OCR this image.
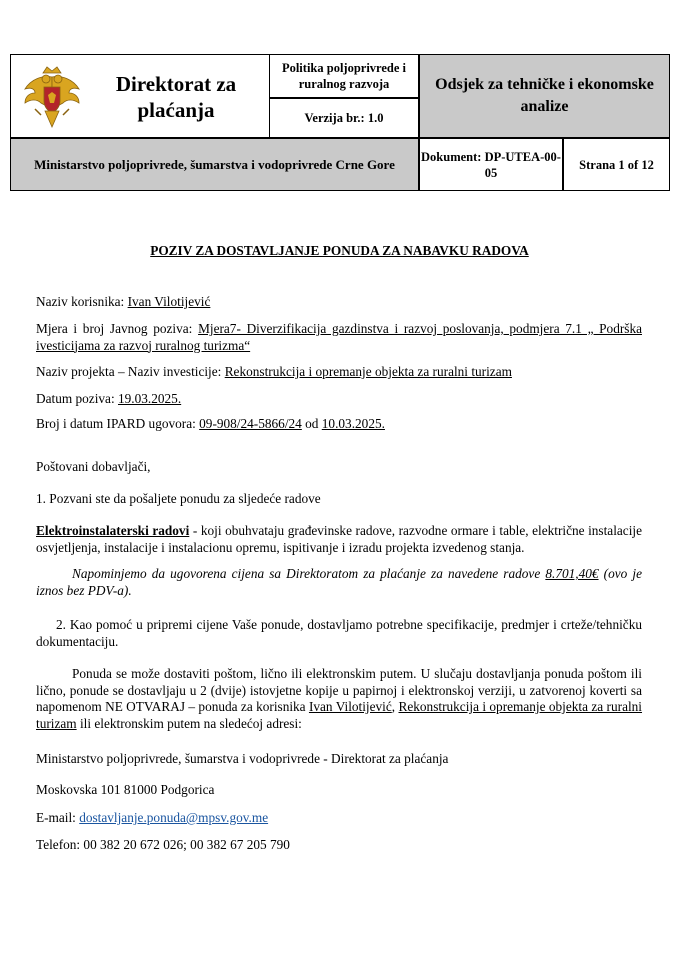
Direktorat za plaćanja
Politika poljoprivrede i ruralnog razvoja
Verzija br.: 1.0
Odsjek za tehničke i ekonomske analize
Ministarstvo poljoprivrede, šumarstva i vodoprivrede Crne Gore
Dokument: DP-UTEA-00-05
Strana 1 of 12
POZIV ZA DOSTAVLJANJE PONUDA ZA NABAVKU RADOVA
Naziv korisnika: Ivan Vilotijević
Mjera i broj Javnog poziva: Mjera7- Diverzifikacija gazdinstva i razvoj poslovanja, podmjera 7.1 „ Podrška ivesticijama za razvoj ruralnog turizma“
Naziv projekta – Naziv investicije: Rekonstrukcija i opremanje objekta za ruralni turizam
Datum poziva: 19.03.2025.
Broj i datum IPARD ugovora: 09-908/24-5866/24 od 10.03.2025.
Poštovani dobavljači,
1. Pozvani ste da pošaljete ponudu za sljedeće radove
Elektroinstalaterski radovi - koji obuhvataju građevinske radove, razvodne ormare i table, električne instalacije osvjetljenja, instalacije i instalacionu opremu, ispitivanje i izradu projekta izvedenog stanja.
Napominjemo da ugovorena cijena sa Direktoratom za plaćanje za navedene radove 8.701,40€ (ovo je iznos bez PDV-a).
2. Kao pomoć u pripremi cijene Vaše ponude, dostavljamo potrebne specifikacije, predmjer i crteže/tehničku dokumentaciju.
Ponuda se može dostaviti poštom, lično ili elektronskim putem. U slučaju dostavljanja ponuda poštom ili lično, ponude se dostavljaju u 2 (dvije) istovjetne kopije u papirnoj i elektronskoj verziji, u zatvorenoj koverti sa napomenom NE OTVARAJ – ponuda za korisnika Ivan Vilotijević, Rekonstrukcija i opremanje objekta za ruralni turizam ili elektronskim putem na sledećoj adresi:
Ministarstvo poljoprivrede, šumarstva i vodoprivrede - Direktorat za plaćanja
Moskovska 101 81000 Podgorica
E-mail: dostavljanje.ponuda@mpsv.gov.me
Telefon: 00 382 20 672 026; 00 382 67 205 790
